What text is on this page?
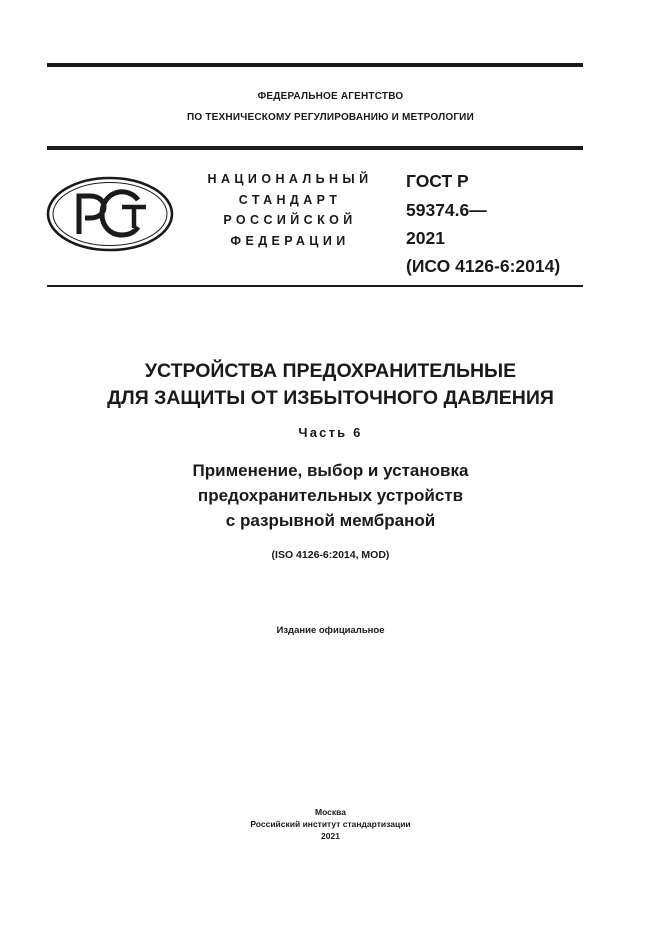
ФЕДЕРАЛЬНОЕ АГЕНТСТВО
ПО ТЕХНИЧЕСКОМУ РЕГУЛИРОВАНИЮ И МЕТРОЛОГИИ
НАЦИОНАЛЬНЫЙ
СТАНДАРТ
РОССИЙСКОЙ
ФЕДЕРАЦИИ
ГОСТ Р
59374.6—
2021
(ИСО 4126-6:2014)
УСТРОЙСТВА ПРЕДОХРАНИТЕЛЬНЫЕ
ДЛЯ ЗАЩИТЫ ОТ ИЗБЫТОЧНОГО ДАВЛЕНИЯ
Часть 6
Применение, выбор и установка
предохранительных устройств
с разрывной мембраной
(ISO 4126-6:2014, MOD)
Издание официальное
Москва
Российский институт стандартизации
2021
